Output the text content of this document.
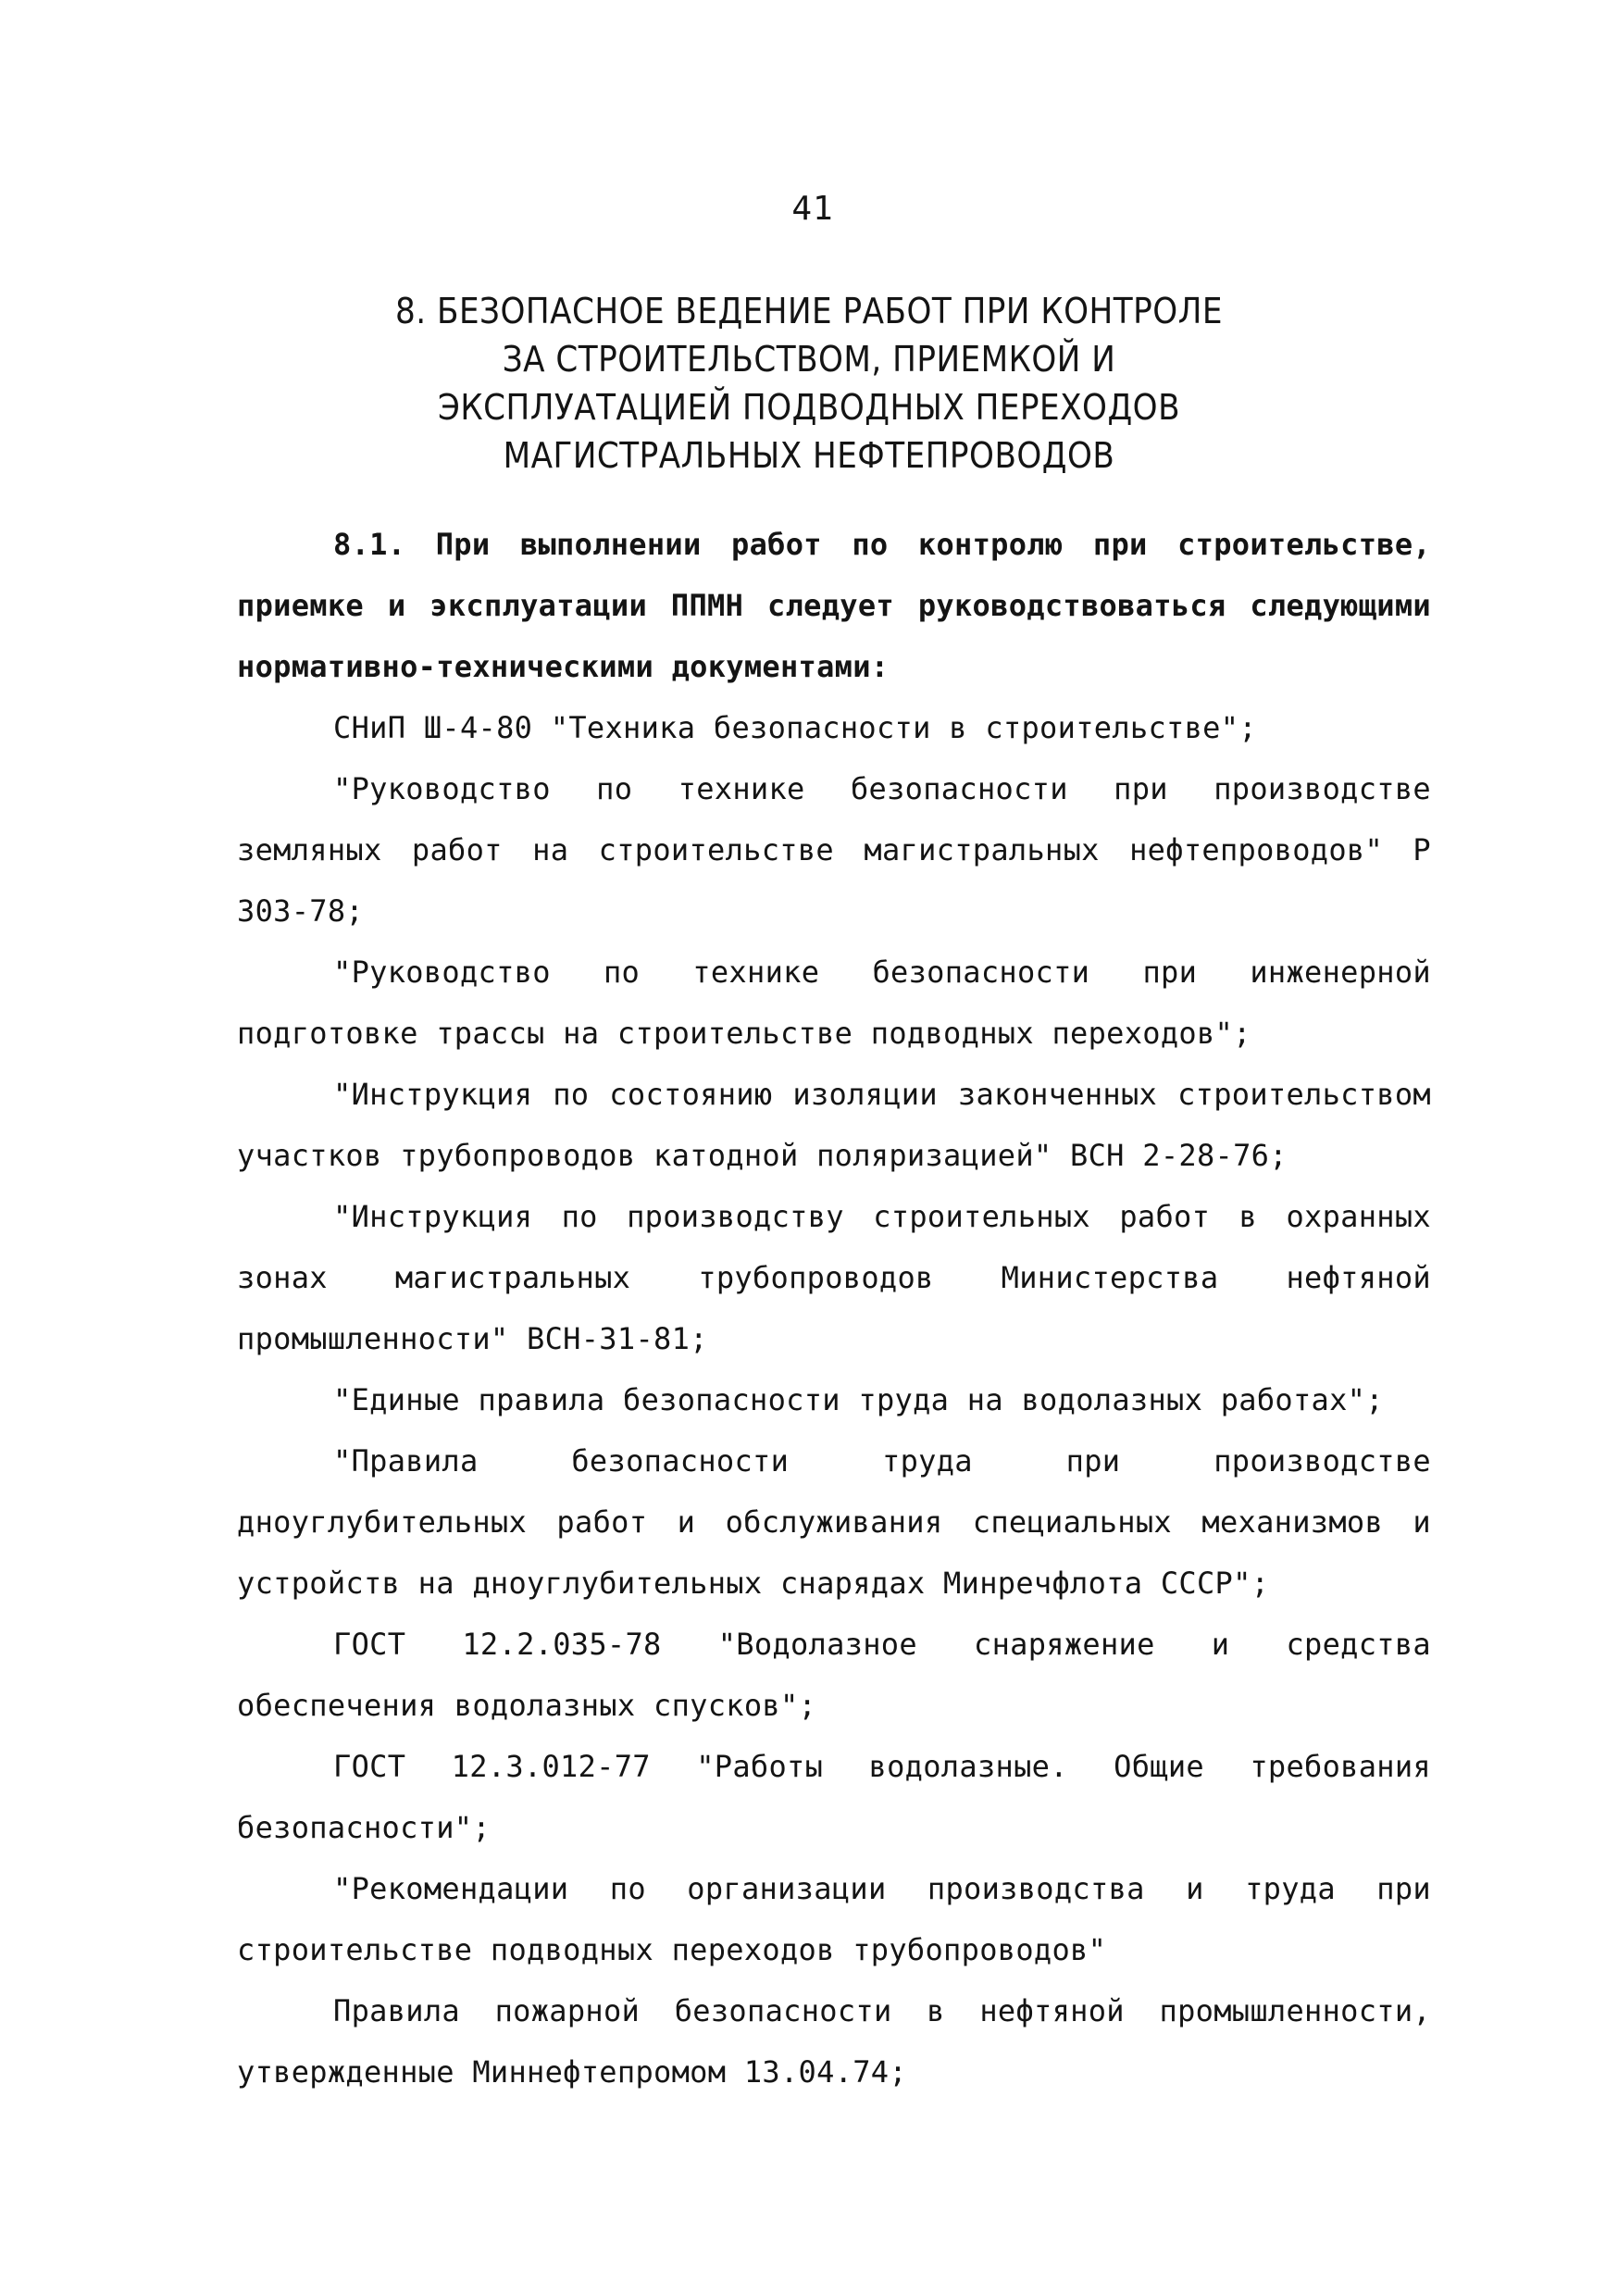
41
8. БЕЗОПАСНОЕ ВЕДЕНИЕ РАБОТ ПРИ КОНТРОЛЕ
ЗА СТРОИТЕЛЬСТВОМ, ПРИЕМКОЙ И
ЭКСПЛУАТАЦИЕЙ ПОДВОДНЫХ ПЕРЕХОДОВ
МАГИСТРАЛЬНЫХ НЕФТЕПРОВОДОВ

8.1. При выполнении работ по контролю при строительстве, приемке и эксплуатации ППМН следует руководствоваться следующими нормативно-техническими документами:

СНиП Ш-4-80 "Техника безопасности в строительстве";

"Руководство по технике безопасности при производстве земляных работ на строительстве магистральных нефтепроводов" Р 303-78;

"Руководство по технике безопасности при инженерной подготовке трассы на строительстве подводных переходов";

"Инструкция по состоянию изоляции законченных строительством участков трубопроводов катодной поляризацией" ВСН 2-28-76;

"Инструкция по производству строительных работ в охранных зонах магистральных трубопроводов Министерства нефтяной промышленности" ВСН-31-81;

"Единые правила безопасности труда на водолазных работах";

"Правила безопасности труда при производстве дноуглубительных работ и обслуживания специальных механизмов и устройств на дноуглубительных снарядах Минречфлота СССР";

ГОСТ 12.2.035-78 "Водолазное снаряжение и средства обеспечения водолазных спусков";

ГОСТ 12.3.012-77 "Работы водолазные. Общие требования безопасности";

"Рекомендации по организации производства и труда при строительстве подводных переходов трубопроводов"

Правила пожарной безопасности в нефтяной промышленности, утвержденные Миннефтепромом 13.04.74;
